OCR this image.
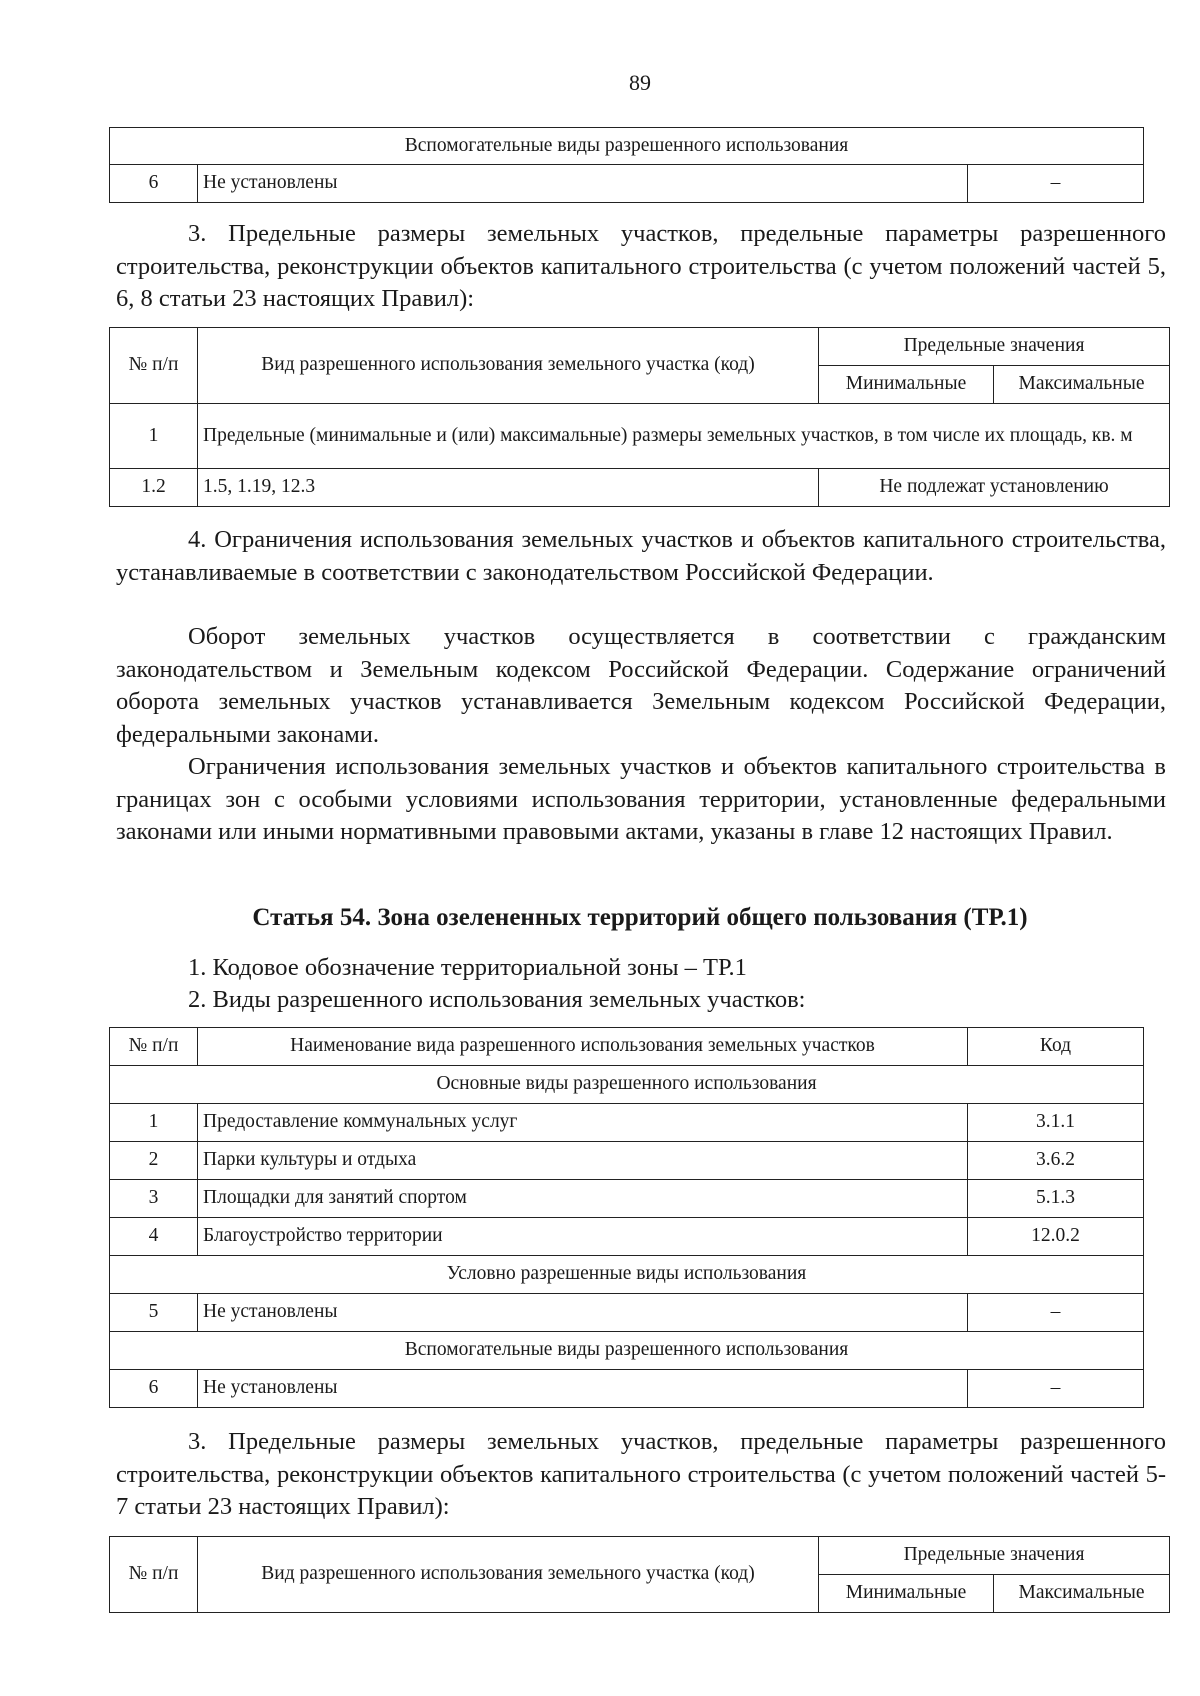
89
Вспомогательные виды разрешенного использования
6	Не установлены	–

3. Предельные размеры земельных участков, предельные параметры разрешенного строительства, реконструкции объектов капитального строительства (с учетом положений частей 5, 6, 8 статьи 23 настоящих Правил):

№ п/п	Вид разрешенного использования земельного участка (код)	Предельные значения	
		Минимальные	Максимальные
1	Предельные (минимальные и (или) максимальные) размеры земельных участков, в том числе их площадь, кв. м		
1.2	1.5, 1.19, 12.3	Не подлежат установлению	

4. Ограничения использования земельных участков и объектов капитального строительства, устанавливаемые в соответствии с законодательством Российской Федерации.

Оборот земельных участков осуществляется в соответствии с гражданским законодательством и Земельным кодексом Российской Федерации. Содержание ограничений оборота земельных участков устанавливается Земельным кодексом Российской Федерации, федеральными законами.

Ограничения использования земельных участков и объектов капитального строительства в границах зон с особыми условиями использования территории, установленные федеральными законами или иными нормативными правовыми актами, указаны в главе 12 настоящих Правил.

Статья 54. Зона озелененных территорий общего пользования (ТР.1)

1. Кодовое обозначение территориальной зоны – ТР.1

2. Виды разрешенного использования земельных участков:

№ п/п	Наименование вида разрешенного использования земельных участков	Код
Основные виды разрешенного использования		
1	Предоставление коммунальных услуг	3.1.1
2	Парки культуры и отдыха	3.6.2
3	Площадки для занятий спортом	5.1.3
4	Благоустройство территории	12.0.2
Условно разрешенные виды использования		
5	Не установлены	–
Вспомогательные виды разрешенного использования		
6	Не установлены	–

3. Предельные размеры земельных участков, предельные параметры разрешенного строительства, реконструкции объектов капитального строительства (с учетом положений частей 5-7 статьи 23 настоящих Правил):

№ п/п	Вид разрешенного использования земельного участка (код)	Предельные значения	
		Минимальные	Максимальные
